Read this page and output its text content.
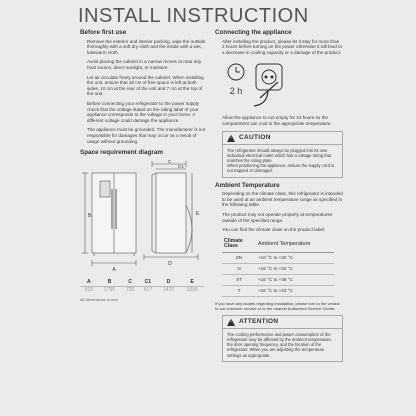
INSTALL INSTRUCTION
Before first use
Remove the exterior and interior packing, wipe the outside thoroughly with a soft dry cloth and the inside with a wet, lukewarm cloth.
Avoid placing the cabinet in a narrow recess or near any heat source, direct sunlight, or moisture.
Let air circulate freely around the cabinet. When installing the unit, ensure that 10 cm of free space is left at both sides, 10 cm at the rear of the unit and 7 cm at the top of the unit.
Before connecting your refrigerator to the power supply check that the voltage stated on the rating label of your appliance corresponds to the voltage in your home. A different voltage could damage the appliance.
The appliance must be grounded. The manufacturer is not responsible for damages that may occur as a result of usage without grounding.
Space requirement diagram
A
B
C
C1
D
E
A	B	C	C1	D	E
910	1790	726	617	1470	1000
All dimensions in mm
Connecting the appliance
After installing the product, please let it stay for more than 2 hours before turning on the power otherwise it will lead to a decrease in cooling capacity or a damage of the product.
2 h
Allow the appliance to run empty for 24 hours so the compartment can cool to the appropriate temperature.
!
CAUTION
The refrigerator should always be plugged into its own individual electrical outlet which has a voltage rating that matches the rating plate.
When positioning the appliance, ensure the supply cord is not trapped or damaged.
Ambient Temperature
Depending on the climate class, this refrigerator is intended to be used at an ambient temperature range as specified in the following table.
The product may not operate properly at temperatures outside of the specified range.
You can find the climate class on the product label.
Climate Class	Ambient Temperature
SN	+10 °C to +32 °C
N	+16 °C to +32 °C
ST	+16 °C to +38 °C
T	+16 °C to +43 °C
If you have any doubts regarding installation, please turn to the vendor, to our customer service or to the nearest Authorised Service Centre.
!
ATTENTION
The cooling performance and power consumption of the refrigerator may be affected by the ambient temperature, the door opening frequency, and the location of the refrigerator. When you are adjusting the temperature settings as appropriate.
